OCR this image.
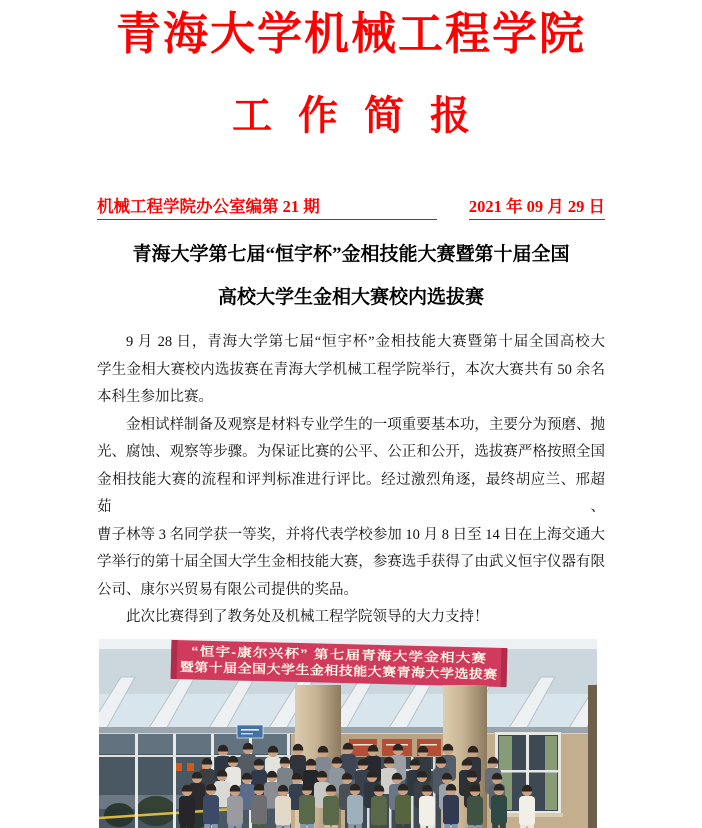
青海大学机械工程学院
工作简报
机械工程学院办公室编第 21 期	2021 年 09 月 29 日
青海大学第七届“恒宇杯”金相技能大赛暨第十届全国
高校大学生金相大赛校内选拔赛
9 月 28 日，青海大学第七届“恒宇杯”金相技能大赛暨第十届全国高校大
学生金相大赛校内选拔赛在青海大学机械工程学院举行，本次大赛共有 50 余名
本科生参加比赛。
金相试样制备及观察是材料专业学生的一项重要基本功，主要分为预磨、抛
光、腐蚀、观察等步骤。为保证比赛的公平、公正和公开，选拔赛严格按照全国
金相技能大赛的流程和评判标准进行评比。经过激烈角逐，最终胡应兰、邢超茹、
曹子林等 3 名同学获一等奖，并将代表学校参加 10 月 8 日至 14 日在上海交通大
学举行的第十届全国大学生金相技能大赛，参赛选手获得了由武义恒宇仪器有限
公司、康尔兴贸易有限公司提供的奖品。
此次比赛得到了教务处及机械工程学院领导的大力支持！
“恒宇-康尔兴杯” 第七届青海大学金相大赛
暨第十届全国大学生金相技能大赛青海大学选拔赛
